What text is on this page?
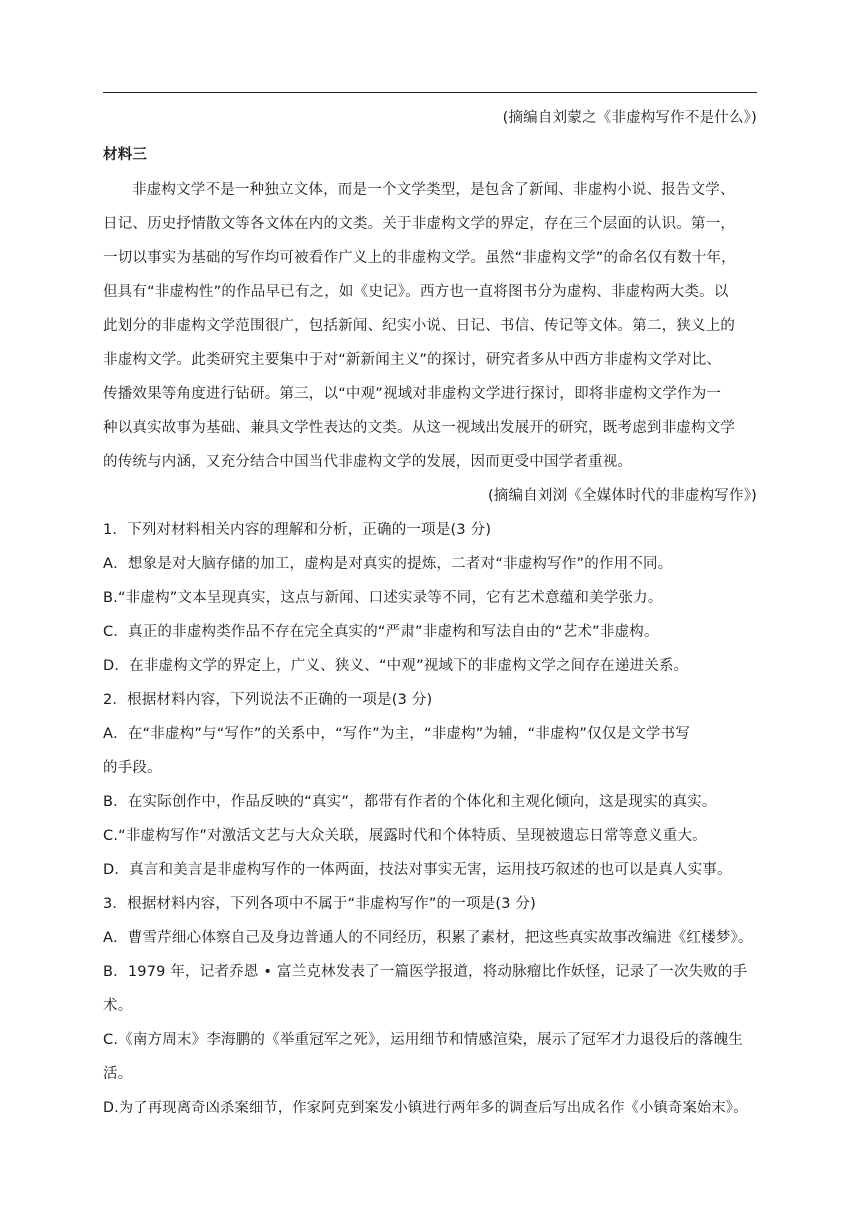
(摘编自刘蒙之《非虚构写作不是什么》)
材料三
非虚构文学不是一种独立文体，而是一个文学类型，是包含了新闻、非虚构小说、报告文学、
日记、历史抒情散文等各文体在内的文类。关于非虚构文学的界定，存在三个层面的认识。第一，
一切以事实为基础的写作均可被看作广义上的非虚构文学。虽然“非虚构文学”的命名仅有数十年，
但具有“非虚构性”的作品早已有之，如《史记》。西方也一直将图书分为虚构、非虚构两大类。以
此划分的非虚构文学范围很广，包括新闻、纪实小说、日记、书信、传记等文体。第二，狭义上的
非虚构文学。此类研究主要集中于对“新新闻主义”的探讨，研究者多从中西方非虚构文学对比、
传播效果等角度进行钻研。第三，以“中观”视域对非虚构文学进行探讨，即将非虚构文学作为一
种以真实故事为基础、兼具文学性表达的文类。从这一视域出发展开的研究，既考虑到非虚构文学
的传统与内涵，又充分结合中国当代非虚构文学的发展，因而更受中国学者重视。
(摘编自刘浏《全媒体时代的非虚构写作》)
1．下列对材料相关内容的理解和分析，正确的一项是(3 分)
A．想象是对大脑存储的加工，虚构是对真实的提炼，二者对“非虚构写作”的作用不同。
B.“非虚构”文本呈现真实，这点与新闻、口述实录等不同，它有艺术意蕴和美学张力。
C．真正的非虚构类作品不存在完全真实的“严肃”非虚构和写法自由的“艺术”非虚构。
D．在非虚构文学的界定上，广义、狭义、“中观”视域下的非虚构文学之间存在递进关系。
2．根据材料内容，下列说法不正确的一项是(3 分)
A．在“非虚构”与“写作”的关系中，“写作”为主，“非虚构”为辅，“非虚构”仅仅是文学书写
的手段。
B．在实际创作中，作品反映的“真实”，都带有作者的个体化和主观化倾向，这是现实的真实。
C.“非虚构写作”对激活文艺与大众关联，展露时代和个体特质、呈现被遗忘日常等意义重大。
D．真言和美言是非虚构写作的一体两面，技法对事实无害，运用技巧叙述的也可以是真人实事。
3．根据材料内容，下列各项中不属于“非虚构写作”的一项是(3 分)
A．曹雪芹细心体察自己及身边普通人的不同经历，积累了素材，把这些真实故事改编进《红楼梦》。
B．1979 年，记者乔恩 • 富兰克林发表了一篇医学报道，将动脉瘤比作妖怪，记录了一次失败的手
术。
C.《南方周末》李海鹏的《举重冠军之死》，运用细节和情感渲染，展示了冠军才力退役后的落魄生
活。
D.为了再现离奇凶杀案细节，作家阿克到案发小镇进行两年多的调查后写出成名作《小镇奇案始末》。
